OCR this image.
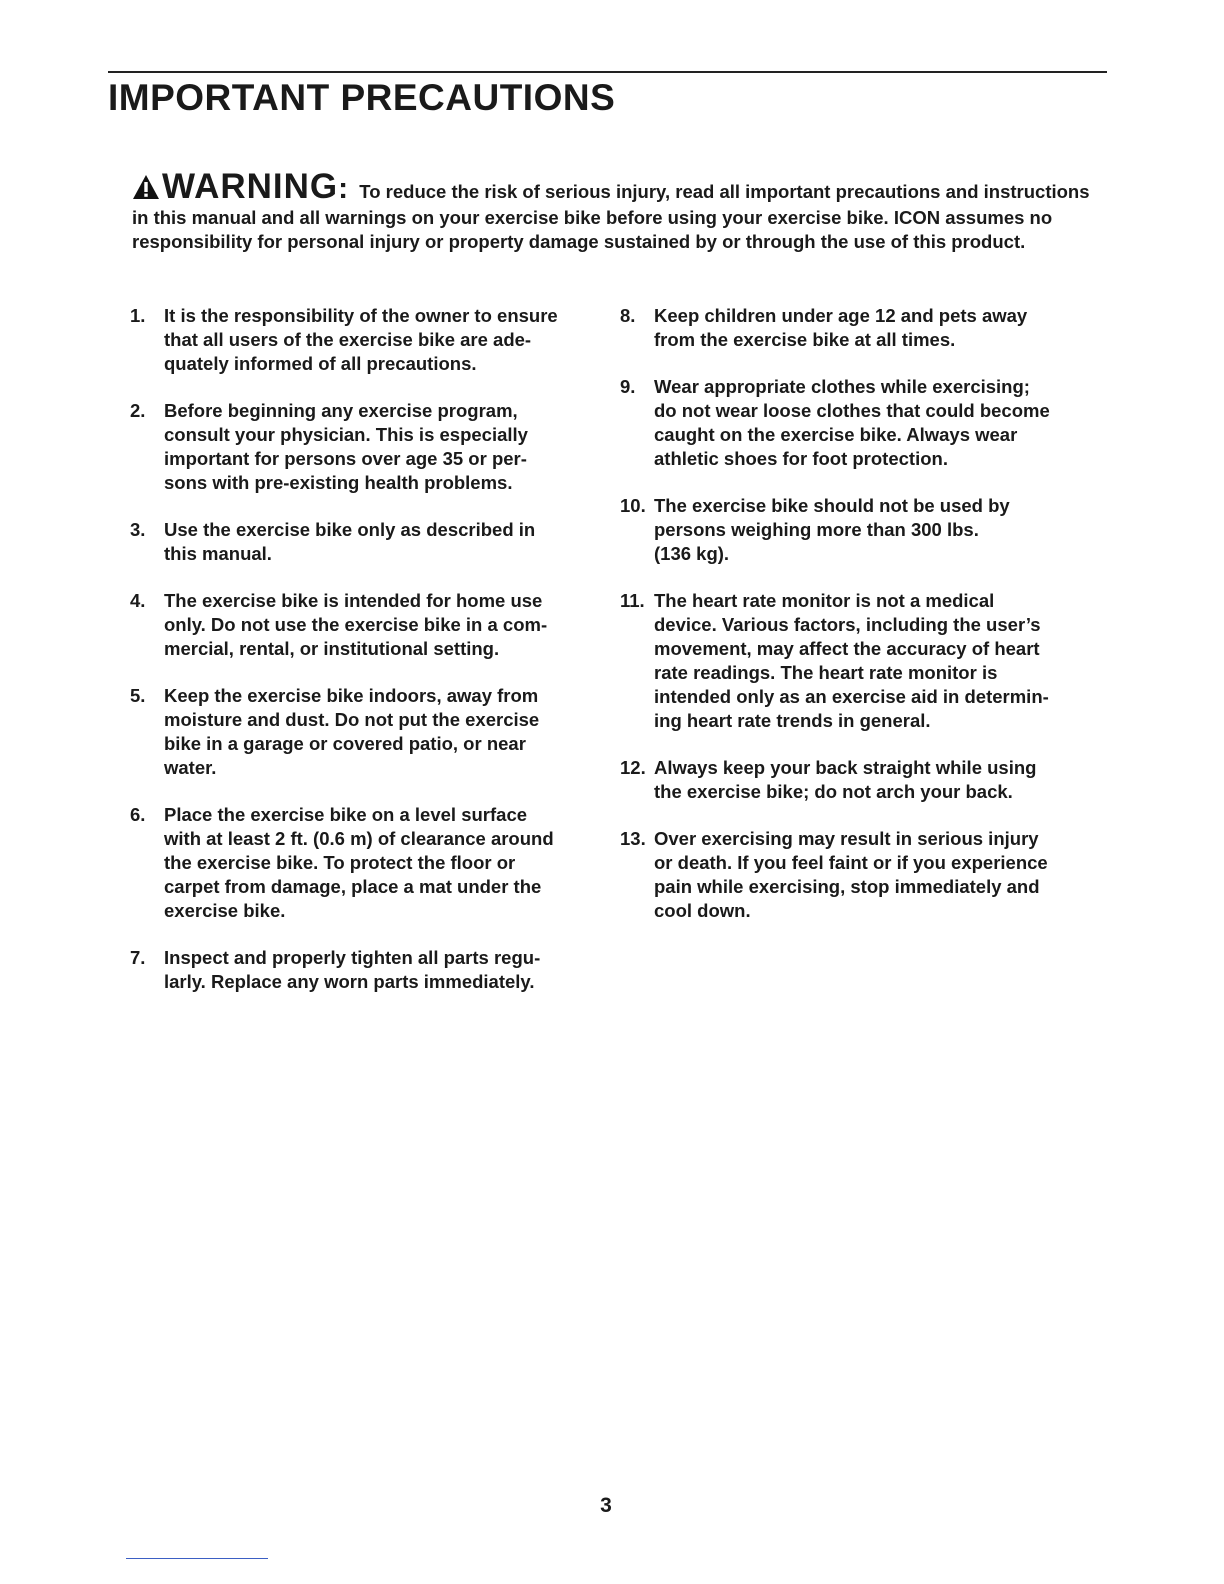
IMPORTANT PRECAUTIONS
WARNING: To reduce the risk of serious injury, read all important precautions and instructions in this manual and all warnings on your exercise bike before using your exercise bike. ICON assumes no responsibility for personal injury or property damage sustained by or through the use of this product.
1. It is the responsibility of the owner to ensure
that all users of the exercise bike are ade-
quately informed of all precautions.
2. Before beginning any exercise program,
consult your physician. This is especially
important for persons over age 35 or per-
sons with pre-existing health problems.
3. Use the exercise bike only as described in
this manual.
4. The exercise bike is intended for home use
only. Do not use the exercise bike in a com-
mercial, rental, or institutional setting.
5. Keep the exercise bike indoors, away from
moisture and dust. Do not put the exercise
bike in a garage or covered patio, or near
water.
6. Place the exercise bike on a level surface
with at least 2 ft. (0.6 m) of clearance around
the exercise bike. To protect the floor or
carpet from damage, place a mat under the
exercise bike.
7. Inspect and properly tighten all parts regu-
larly. Replace any worn parts immediately.
8. Keep children under age 12 and pets away
from the exercise bike at all times.
9. Wear appropriate clothes while exercising;
do not wear loose clothes that could become
caught on the exercise bike. Always wear
athletic shoes for foot protection.
10. The exercise bike should not be used by
persons weighing more than 300 lbs.
(136 kg).
11. The heart rate monitor is not a medical
device. Various factors, including the user’s
movement, may affect the accuracy of heart
rate readings. The heart rate monitor is
intended only as an exercise aid in determin-
ing heart rate trends in general.
12. Always keep your back straight while using
the exercise bike; do not arch your back.
13. Over exercising may result in serious injury
or death. If you feel faint or if you experience
pain while exercising, stop immediately and
cool down.
3
